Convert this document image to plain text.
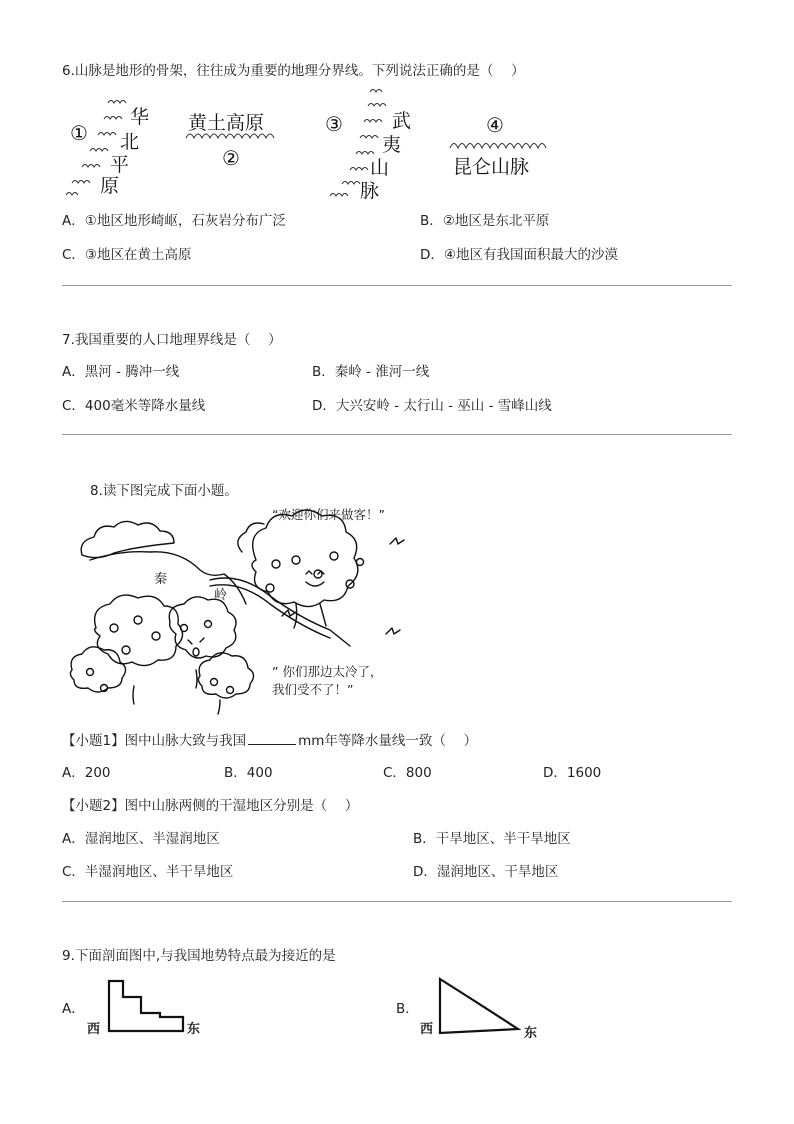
6.山脉是地形的骨架，往往成为重要的地理分界线。下列说法正确的是（　 ）
①
华
北
平
原
黄土高原
②
③	武
夷
山
脉
④
昆仑山脉
A．①地区地形崎岖，石灰岩分布广泛	B．②地区是东北平原
C．③地区在黄土高原	D．④地区有我国面积最大的沙漠
7.我国重要的人口地理界线是（　 ）
A．黑河 - 腾冲一线	B．秦岭 - 淮河一线
C．400毫米等降水量线	D．大兴安岭 - 太行山 - 巫山 - 雪峰山线
8.读下图完成下面小题。
“欢迎你们来做客！”
秦
岭
” 你们那边太冷了，
我们受不了！”
【小题1】图中山脉大致与我国	mm年等降水量线一致（　 ）
A．200	B．400	C．800	D．1600
【小题2】图中山脉两侧的干湿地区分别是（　 ）
A．湿润地区、半湿润地区	B．干旱地区、半干旱地区
C．半湿润地区、半干旱地区	D．湿润地区、干旱地区
9.下面剖面图中,与我国地势特点最为接近的是
A．
西	东
B．
西	东
